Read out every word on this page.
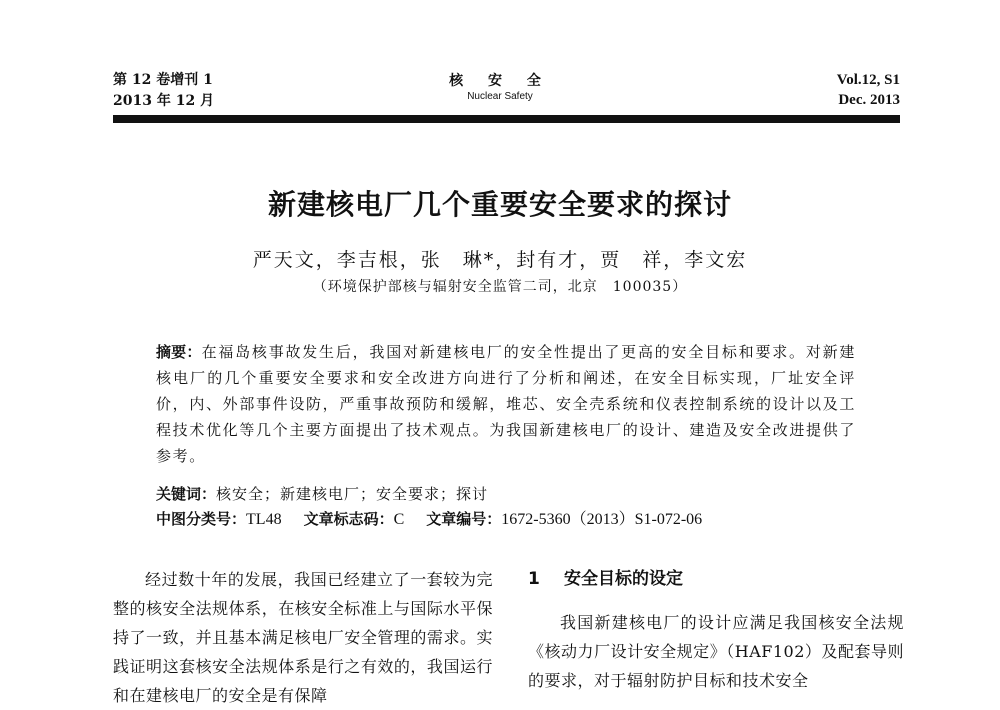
第 12 卷增刊 1
2013 年 12 月
核 安 全
Nuclear Safety
Vol.12, S1
Dec. 2013
新建核电厂几个重要安全要求的探讨
严天文，李吉根，张　琳*，封有才，贾　祥，李文宏
（环境保护部核与辐射安全监管二司，北京　100035）
摘要：在福岛核事故发生后，我国对新建核电厂的安全性提出了更高的安全目标和要求。对新建核电厂的几个重要安全要求和安全改进方向进行了分析和阐述，在安全目标实现，厂址安全评价，内、外部事件设防，严重事故预防和缓解，堆芯、安全壳系统和仪表控制系统的设计以及工程技术优化等几个主要方面提出了技术观点。为我国新建核电厂的设计、建造及安全改进提供了参考。
关键词：核安全；新建核电厂；安全要求；探讨
中图分类号：TL48 文章标志码：C 文章编号：1672-5360（2013）S1-072-06
经过数十年的发展，我国已经建立了一套较为完整的核安全法规体系，在核安全标准上与国际水平保持了一致，并且基本满足核电厂安全管理的需求。实践证明这套核安全法规体系是行之有效的，我国运行和在建核电厂的安全是有保障
1 安全目标的设定
我国新建核电厂的设计应满足我国核安全法规《核动力厂设计安全规定》（HAF102）及配套导则的要求，对于辐射防护目标和技术安全
